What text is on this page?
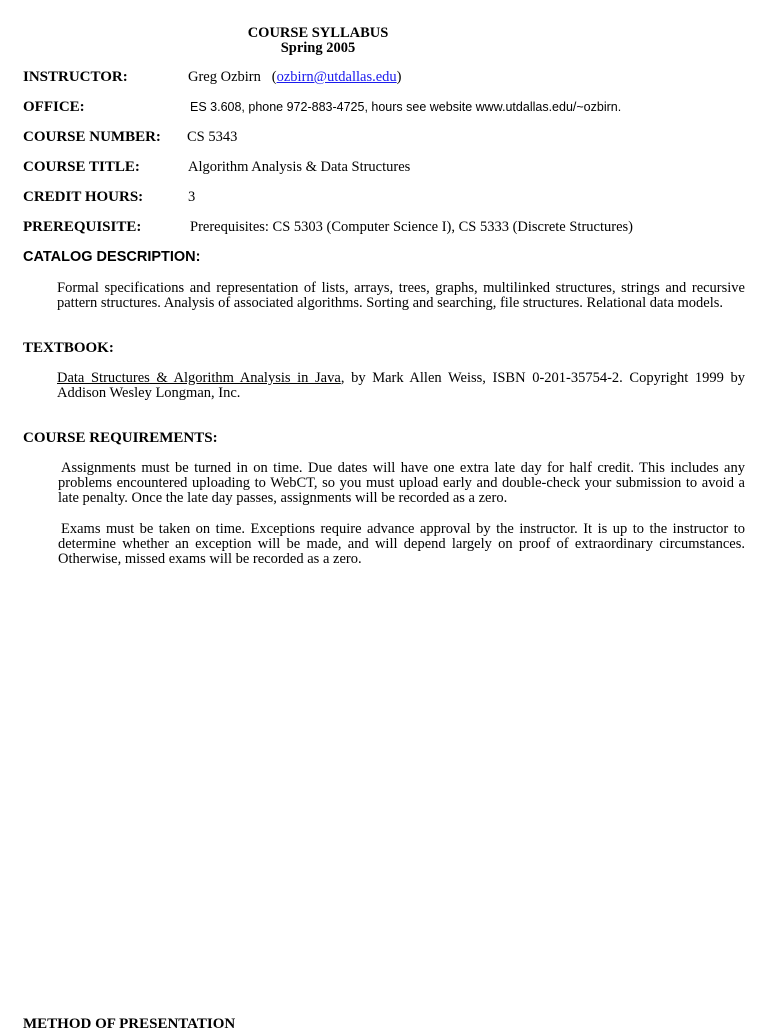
COURSE SYLLABUS
Spring 2005
INSTRUCTOR:	Greg Ozbirn (ozbirn@utdallas.edu)
OFFICE:	ES 3.608, phone 972-883-4725, hours see website www.utdallas.edu/~ozbirn.
COURSE NUMBER: CS 5343
COURSE TITLE:	Algorithm Analysis & Data Structures
CREDIT HOURS:	3
PREREQUISITE:	Prerequisites: CS 5303 (Computer Science I), CS 5333 (Discrete Structures)
CATALOG DESCRIPTION:
Formal specifications and representation of lists, arrays, trees, graphs, multilinked structures, strings and recursive pattern structures. Analysis of associated algorithms. Sorting and searching, file structures. Relational data models.
TEXTBOOK:
Data Structures & Algorithm Analysis in Java, by Mark Allen Weiss, ISBN 0-201-35754-2. Copyright 1999 by Addison Wesley Longman, Inc.
COURSE REQUIREMENTS:
Assignments must be turned in on time. Due dates will have one extra late day for half credit. This includes any problems encountered uploading to WebCT, so you must upload early and double-check your submission to avoid a late penalty. Once the late day passes, assignments will be recorded as a zero.
Exams must be taken on time. Exceptions require advance approval by the instructor. It is up to the instructor to determine whether an exception will be made, and will depend largely on proof of extraordinary circumstances. Otherwise, missed exams will be recorded as a zero.
METHOD OF PRESENTATION
